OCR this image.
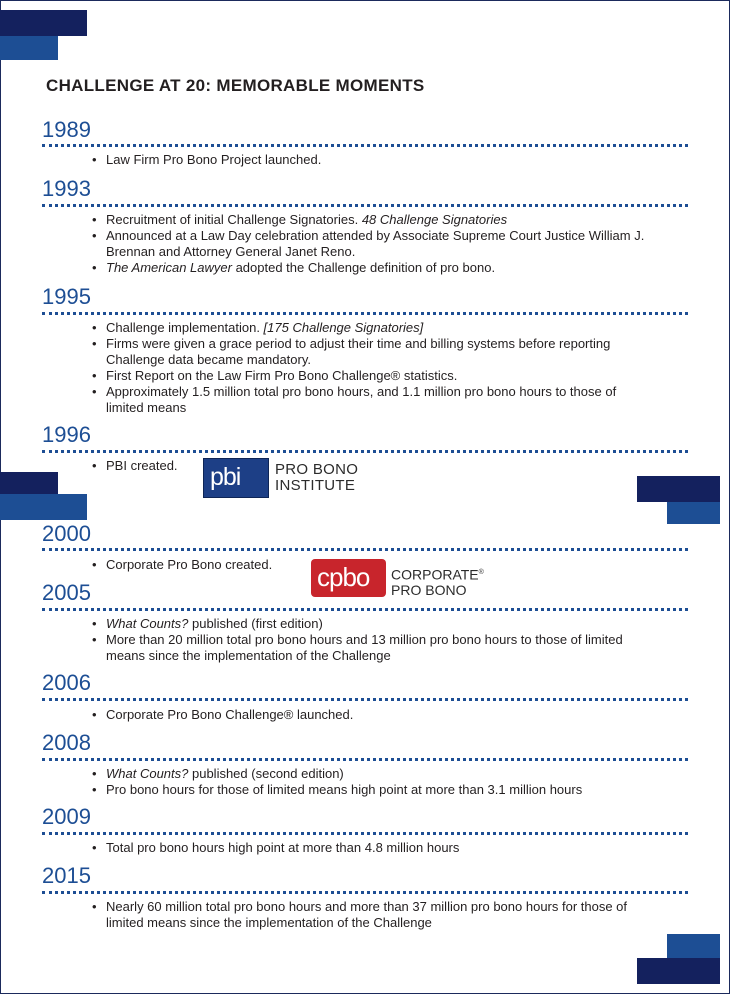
CHALLENGE AT 20: MEMORABLE MOMENTS
1989
• Law Firm Pro Bono Project launched.
1993
• Recruitment of initial Challenge Signatories. 48 Challenge Signatories
• Announced at a Law Day celebration attended by Associate Supreme Court Justice William J. Brennan and Attorney General Janet Reno.
• The American Lawyer adopted the Challenge definition of pro bono.
1995
• Challenge implementation. [175 Challenge Signatories]
• Firms were given a grace period to adjust their time and billing systems before reporting Challenge data became mandatory.
• First Report on the Law Firm Pro Bono Challenge® statistics.
• Approximately 1.5 million total pro bono hours, and 1.1 million pro bono hours to those of limited means
1996
• PBI created. pbi PRO BONO
INSTITUTE
2000
• Corporate Pro Bono created. cpbo CORPORATE®
PRO BONO
2005
• What Counts? published (first edition)
• More than 20 million total pro bono hours and 13 million pro bono hours to those of limited means since the implementation of the Challenge
2006
• Corporate Pro Bono Challenge® launched.
2008
• What Counts? published (second edition)
• Pro bono hours for those of limited means high point at more than 3.1 million hours
2009
• Total pro bono hours high point at more than 4.8 million hours
2015
• Nearly 60 million total pro bono hours and more than 37 million pro bono hours for those of limited means since the implementation of the Challenge
